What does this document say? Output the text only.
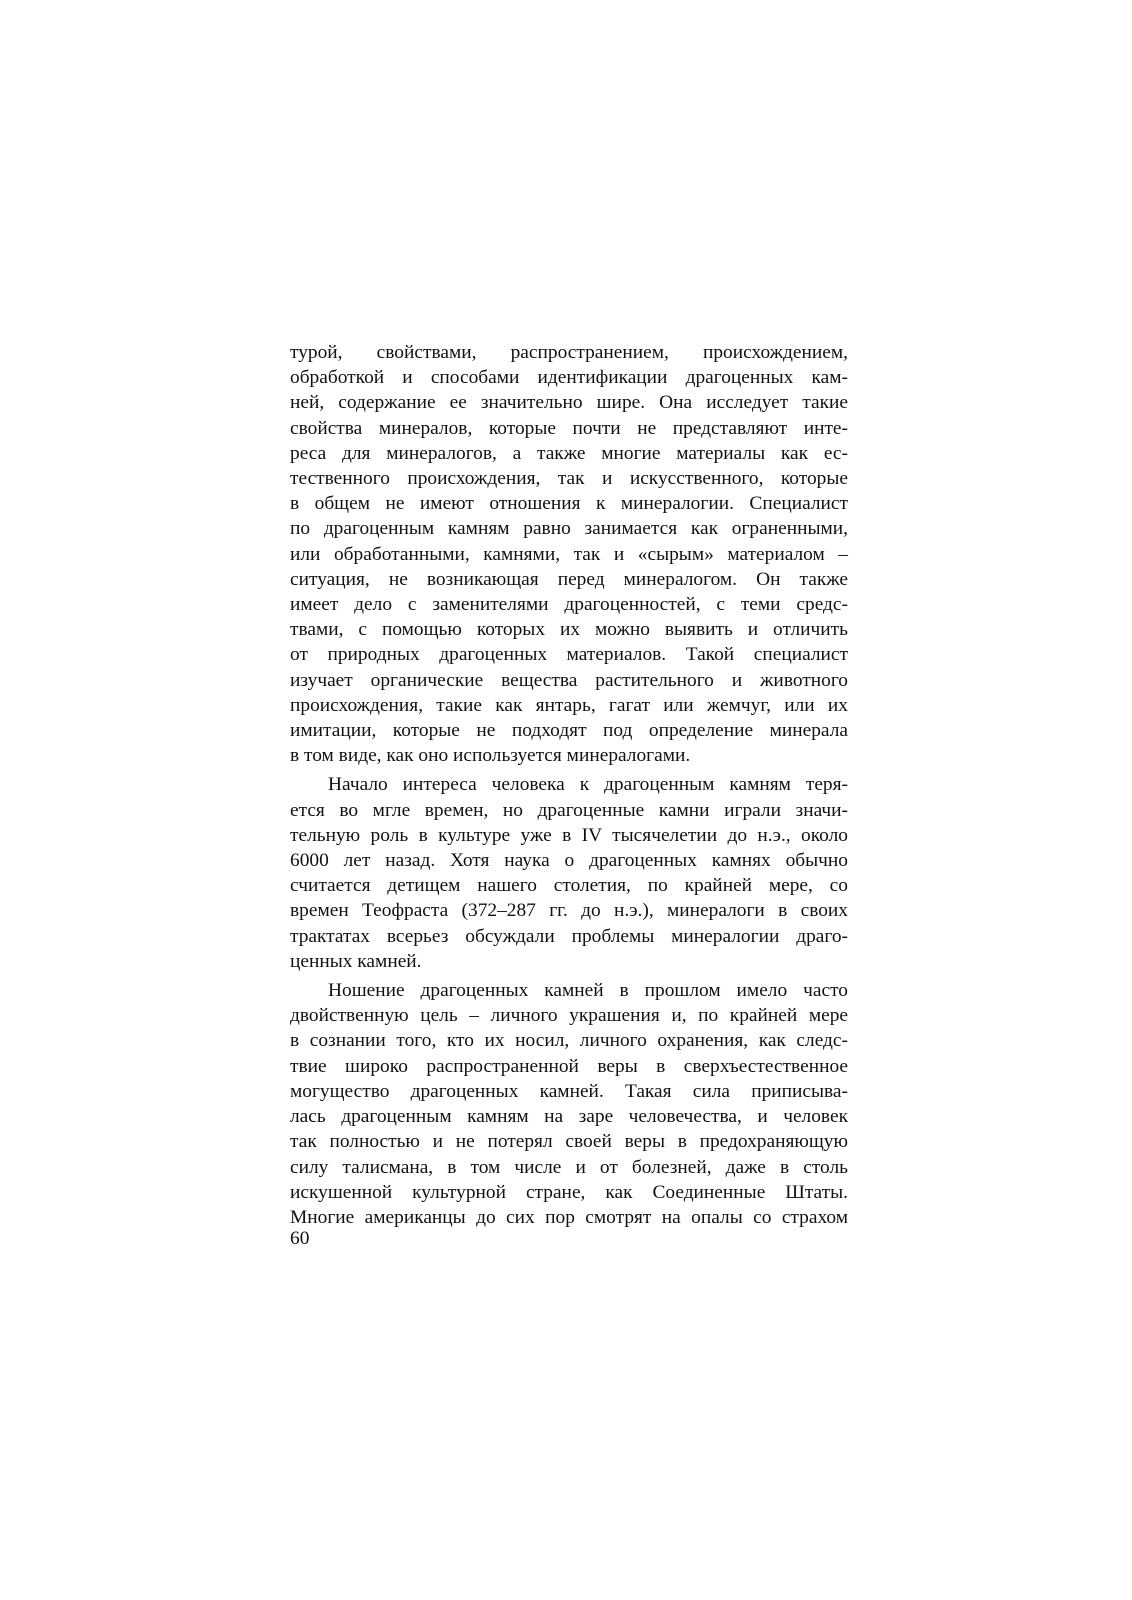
турой, свойствами, распространением, происхождением,
обработкой и способами идентификации драгоценных кам-
ней, содержание ее значительно шире. Она исследует такие
свойства минералов, которые почти не представляют инте-
реса для минералогов, а также многие материалы как ес-
тественного происхождения, так и искусственного, которые
в общем не имеют отношения к минералогии. Специалист
по драгоценным камням равно занимается как ограненными,
или обработанными, камнями, так и «сырым» материалом –
ситуация, не возникающая перед минералогом. Он также
имеет дело с заменителями драгоценностей, с теми средс-
твами, с помощью которых их можно выявить и отличить
от природных драгоценных материалов. Такой специалист
изучает органические вещества растительного и животного
происхождения, такие как янтарь, гагат или жемчуг, или их
имитации, которые не подходят под определение минерала
в том виде, как оно используется минералогами.
Начало интереса человека к драгоценным камням теря-
ется во мгле времен, но драгоценные камни играли значи-
тельную роль в культуре уже в IV тысячелетии до н.э., около
6000 лет назад. Хотя наука о драгоценных камнях обычно
считается детищем нашего столетия, по крайней мере, со
времен Теофраста (372–287 гг. до н.э.), минералоги в своих
трактатах всерьез обсуждали проблемы минералогии драго-
ценных камней.
Ношение драгоценных камней в прошлом имело часто
двойственную цель – личного украшения и, по крайней мере
в сознании того, кто их носил, личного охранения, как следс-
твие широко распространенной веры в сверхъестественное
могущество драгоценных камней. Такая сила приписыва-
лась драгоценным камням на заре человечества, и человек
так полностью и не потерял своей веры в предохраняющую
силу талисмана, в том числе и от болезней, даже в столь
искушенной культурной стране, как Соединенные Штаты.
Многие американцы до сих пор смотрят на опалы со страхом
60
